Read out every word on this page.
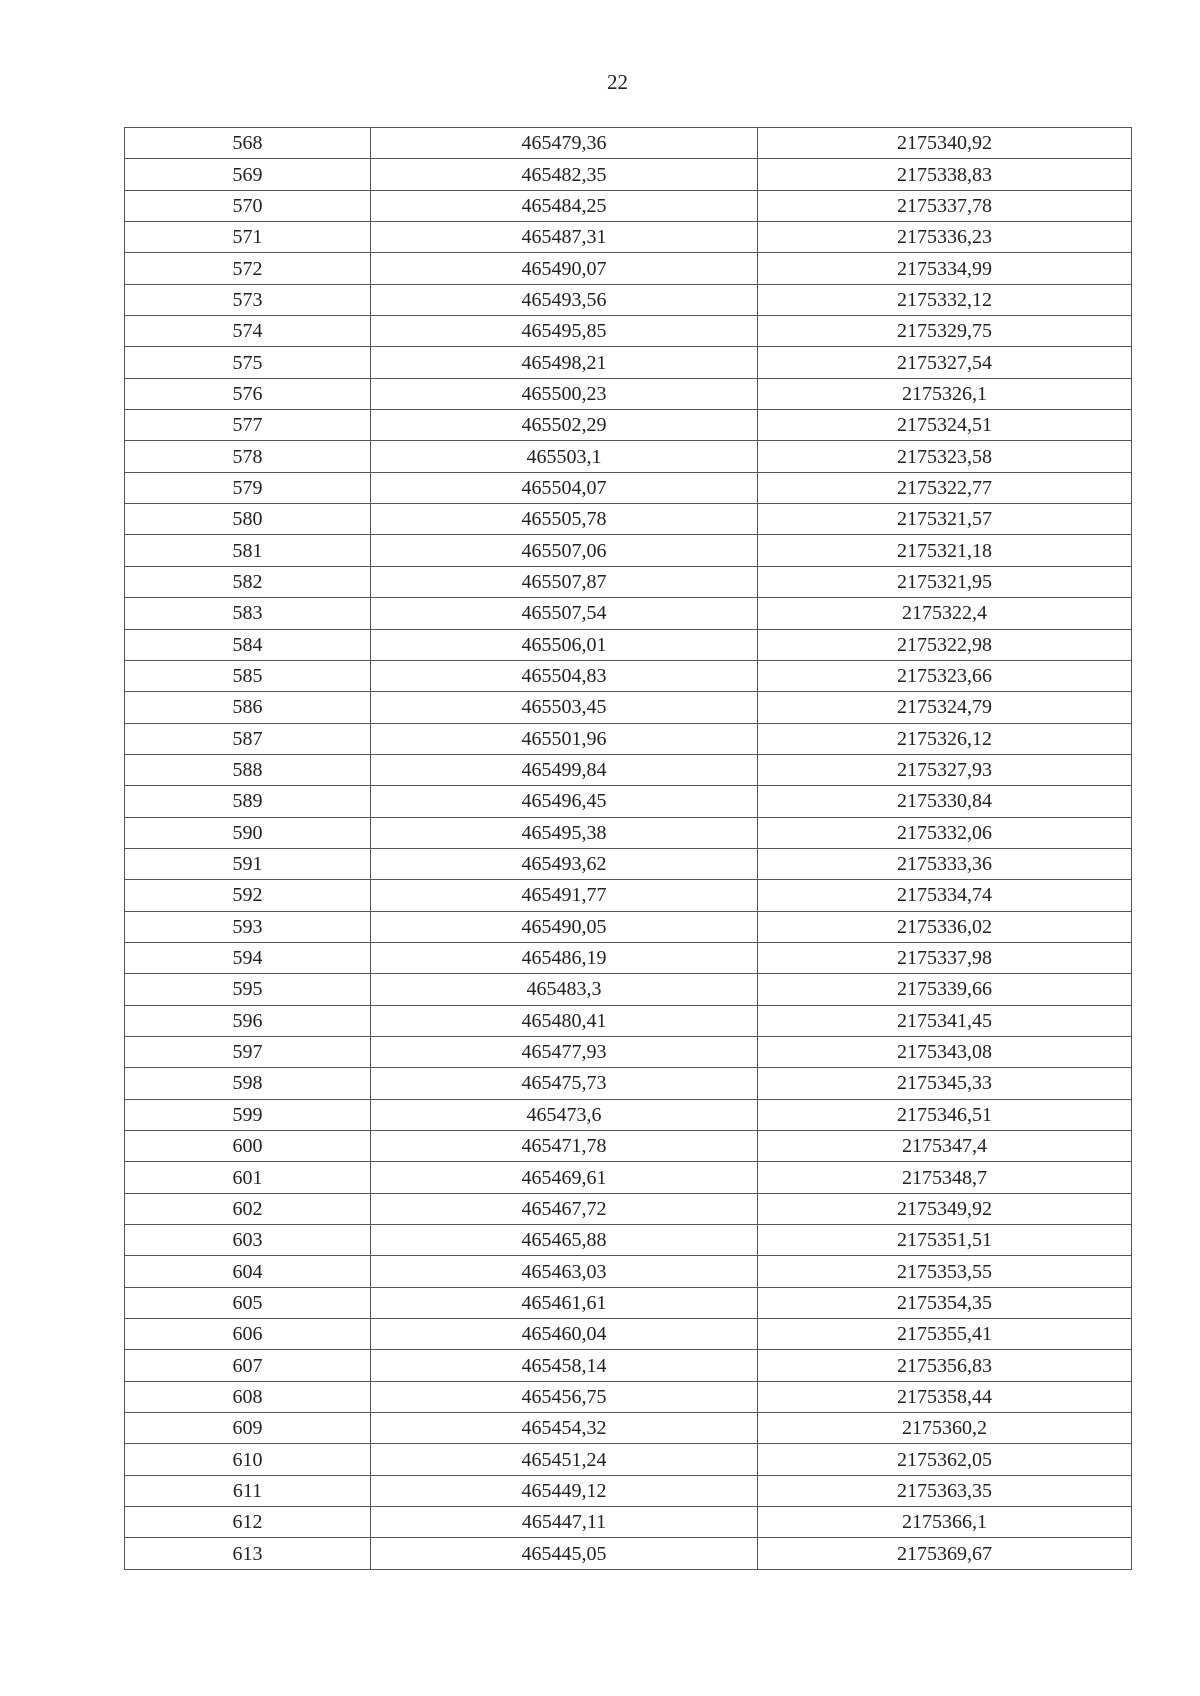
22
568	465479,36	2175340,92
569	465482,35	2175338,83
570	465484,25	2175337,78
571	465487,31	2175336,23
572	465490,07	2175334,99
573	465493,56	2175332,12
574	465495,85	2175329,75
575	465498,21	2175327,54
576	465500,23	2175326,1
577	465502,29	2175324,51
578	465503,1	2175323,58
579	465504,07	2175322,77
580	465505,78	2175321,57
581	465507,06	2175321,18
582	465507,87	2175321,95
583	465507,54	2175322,4
584	465506,01	2175322,98
585	465504,83	2175323,66
586	465503,45	2175324,79
587	465501,96	2175326,12
588	465499,84	2175327,93
589	465496,45	2175330,84
590	465495,38	2175332,06
591	465493,62	2175333,36
592	465491,77	2175334,74
593	465490,05	2175336,02
594	465486,19	2175337,98
595	465483,3	2175339,66
596	465480,41	2175341,45
597	465477,93	2175343,08
598	465475,73	2175345,33
599	465473,6	2175346,51
600	465471,78	2175347,4
601	465469,61	2175348,7
602	465467,72	2175349,92
603	465465,88	2175351,51
604	465463,03	2175353,55
605	465461,61	2175354,35
606	465460,04	2175355,41
607	465458,14	2175356,83
608	465456,75	2175358,44
609	465454,32	2175360,2
610	465451,24	2175362,05
611	465449,12	2175363,35
612	465447,11	2175366,1
613	465445,05	2175369,67
